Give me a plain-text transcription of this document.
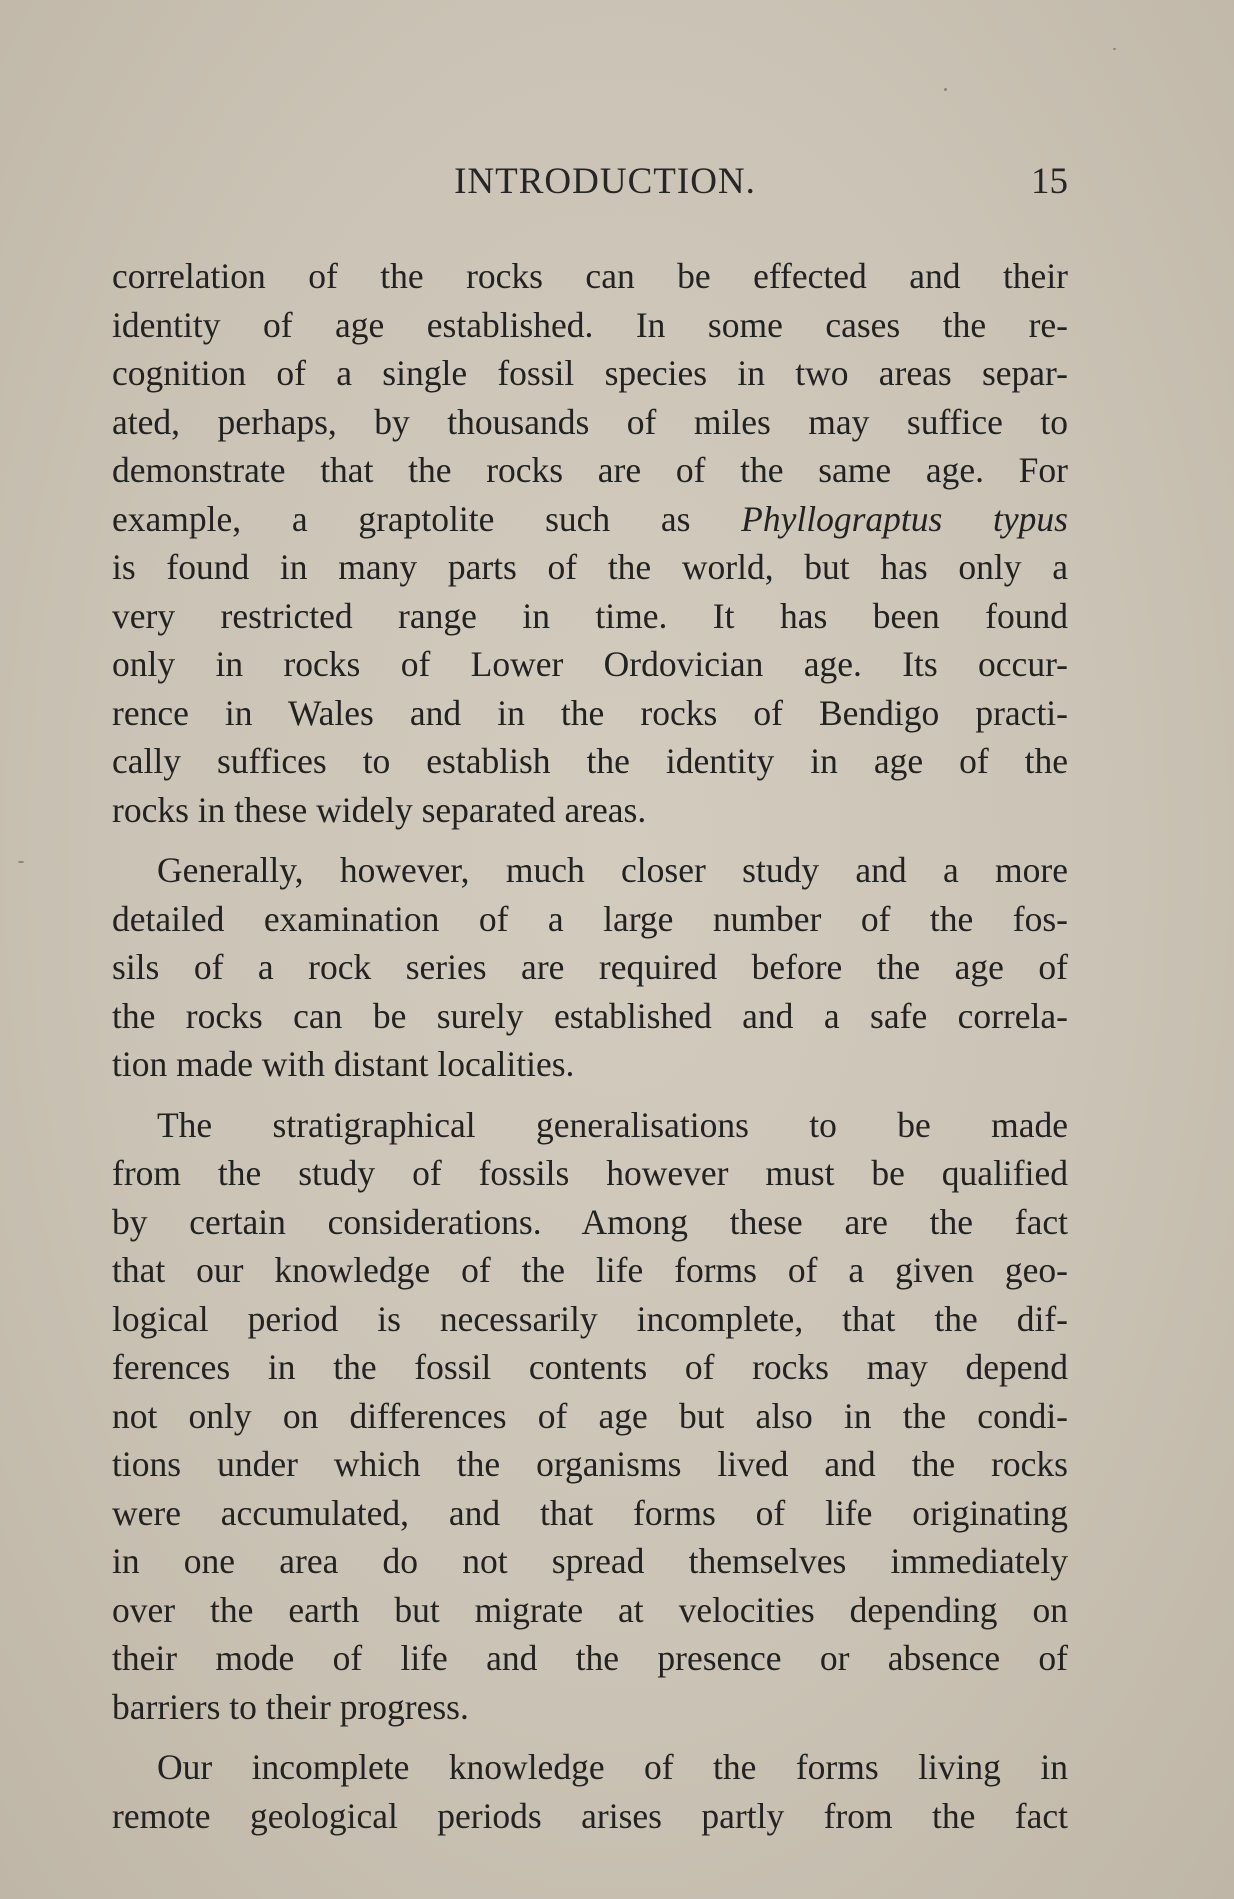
INTRODUCTION.	15
correlation of the rocks can be effected and their
identity of age established. In some cases the re-
cognition of a single fossil species in two areas separ-
ated, perhaps, by thousands of miles may suffice to
demonstrate that the rocks are of the same age. For
example, a graptolite such as Phyllograptus typus
is found in many parts of the world, but has only a
very restricted range in time. It has been found
only in rocks of Lower Ordovician age. Its occur-
rence in Wales and in the rocks of Bendigo practi-
cally suffices to establish the identity in age of the
rocks in these widely separated areas.
Generally, however, much closer study and a more
detailed examination of a large number of the fos-
sils of a rock series are required before the age of
the rocks can be surely established and a safe correla-
tion made with distant localities.
The stratigraphical generalisations to be made
from the study of fossils however must be qualified
by certain considerations. Among these are the fact
that our knowledge of the life forms of a given geo-
logical period is necessarily incomplete, that the dif-
ferences in the fossil contents of rocks may depend
not only on differences of age but also in the condi-
tions under which the organisms lived and the rocks
were accumulated, and that forms of life originating
in one area do not spread themselves immediately
over the earth but migrate at velocities depending on
their mode of life and the presence or absence of
barriers to their progress.
Our incomplete knowledge of the forms living in
remote geological periods arises partly from the fact
